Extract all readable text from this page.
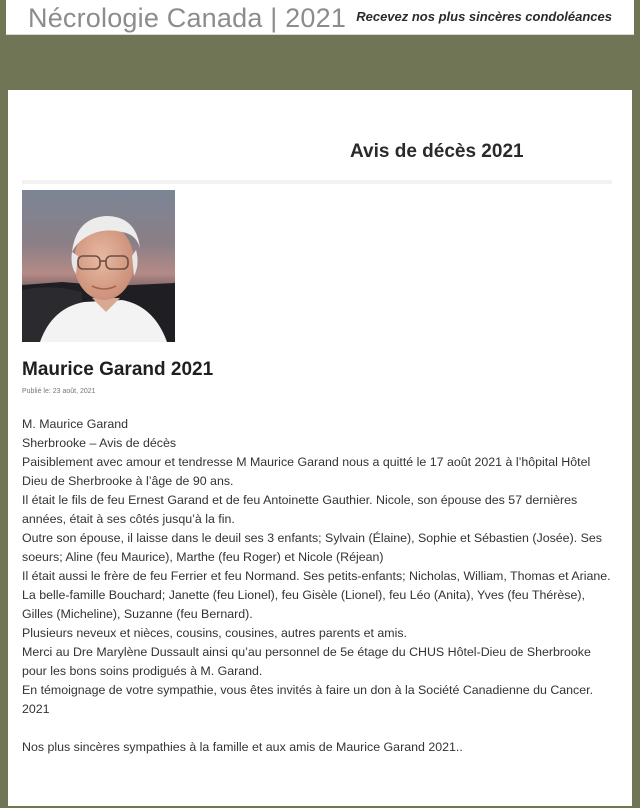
Nécrologie Canada | 2021 Recevez nos plus sincères condoléances
Avis de décès 2021
Maurice Garand 2021
Publié le: 23 août, 2021

M. Maurice Garand

Sherbrooke – Avis de décès

Paisiblement avec amour et tendresse M Maurice Garand nous a quitté le 17 août 2021 à l’hôpital Hôtel Dieu de Sherbrooke à l’âge de 90 ans.

Il était le fils de feu Ernest Garand et de feu Antoinette Gauthier. Nicole, son épouse des 57 dernières années, était à ses côtés jusqu’à la fin.

Outre son épouse, il laisse dans le deuil ses 3 enfants; Sylvain (Élaine), Sophie et Sébastien (Josée). Ses soeurs; Aline (feu Maurice), Marthe (feu Roger) et Nicole (Réjean)

Il était aussi le frère de feu Ferrier et feu Normand. Ses petits-enfants; Nicholas, William, Thomas et Ariane.

La belle-famille Bouchard; Janette (feu Lionel), feu Gisèle (Lionel), feu Léo (Anita), Yves (feu Thérèse), Gilles (Micheline), Suzanne (feu Bernard).

Plusieurs neveux et nièces, cousins, cousines, autres parents et amis.

Merci au Dre Marylène Dussault ainsi qu’au personnel de 5e étage du CHUS Hôtel-Dieu de Sherbrooke pour les bons soins prodigués à M. Garand.

En témoignage de votre sympathie, vous êtes invités à faire un don à la Société Canadienne du Cancer. 2021

Nos plus sincères sympathies à la famille et aux amis de Maurice Garand 2021..
